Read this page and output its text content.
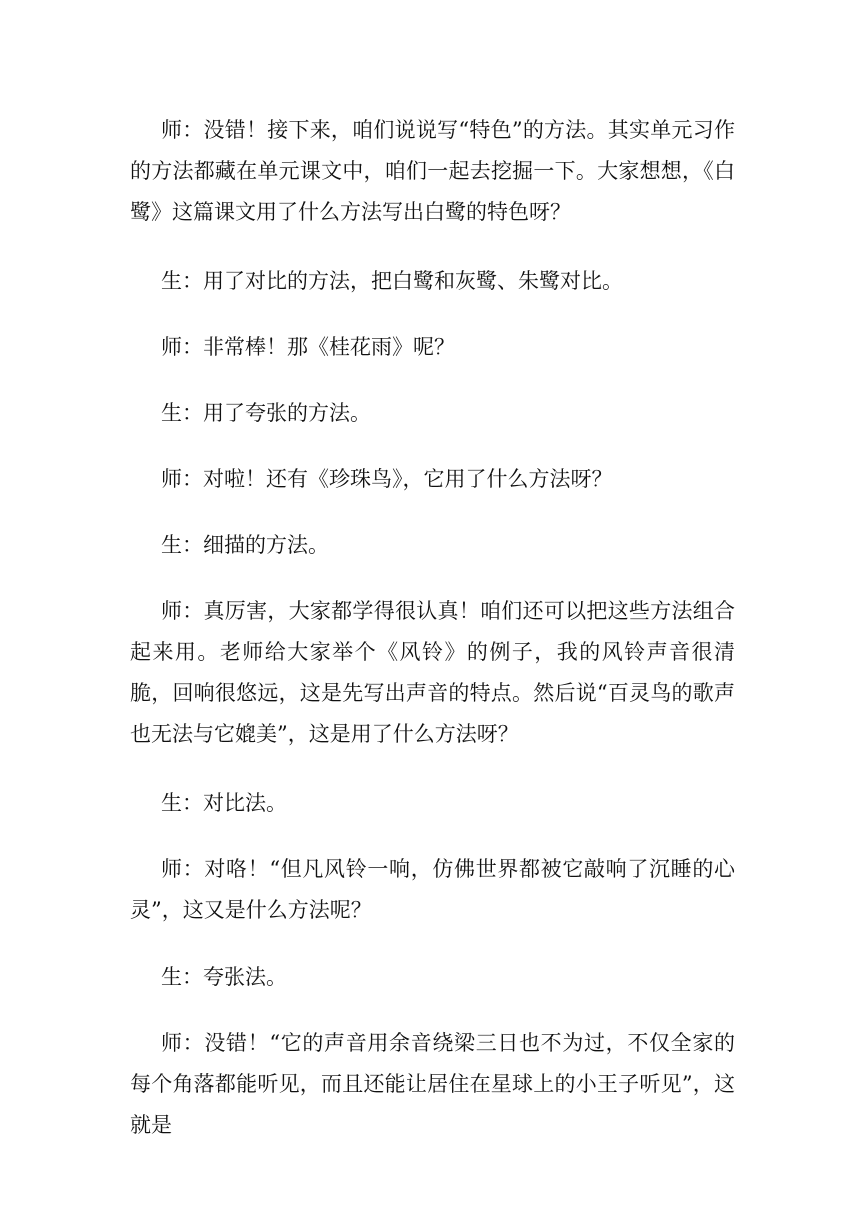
师：没错！接下来，咱们说说写“特色”的方法。其实单元习作的方法都藏在单元课文中，咱们一起去挖掘一下。大家想想，《白鹭》这篇课文用了什么方法写出白鹭的特色呀？

生：用了对比的方法，把白鹭和灰鹭、朱鹭对比。

师：非常棒！那《桂花雨》呢？

生：用了夸张的方法。

师：对啦！还有《珍珠鸟》，它用了什么方法呀？

生：细描的方法。

师：真厉害，大家都学得很认真！咱们还可以把这些方法组合起来用。老师给大家举个《风铃》的例子，我的风铃声音很清脆，回响很悠远，这是先写出声音的特点。然后说“百灵鸟的歌声也无法与它媲美”，这是用了什么方法呀？

生：对比法。

师：对咯！“但凡风铃一响，仿佛世界都被它敲响了沉睡的心灵”，这又是什么方法呢？

生：夸张法。

师：没错！“它的声音用余音绕梁三日也不为过，不仅全家的每个角落都能听见，而且还能让居住在星球上的小王子听见”，这就是
